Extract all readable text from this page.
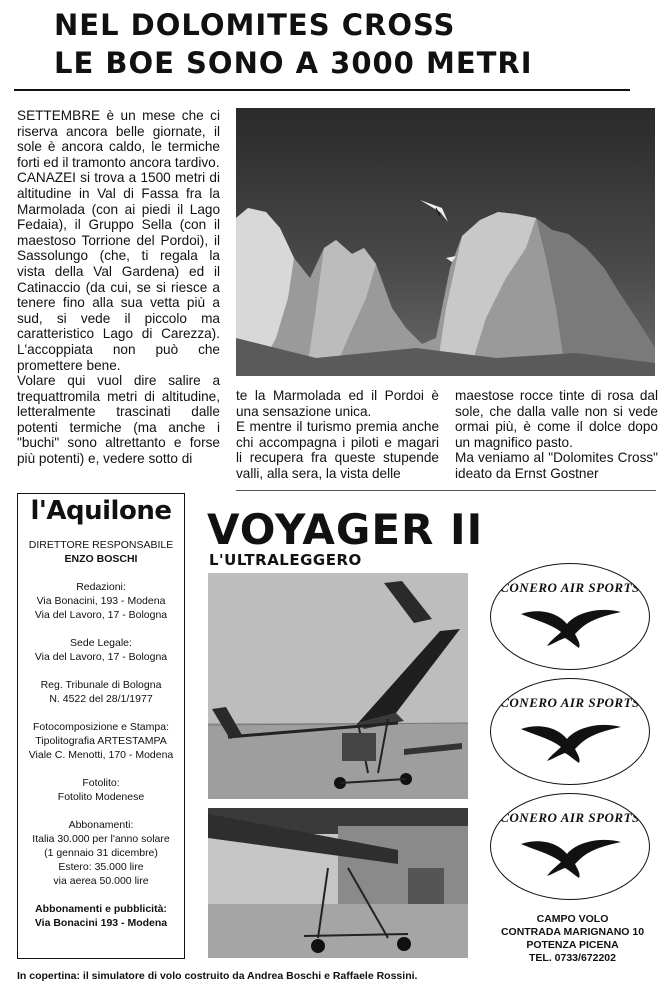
NEL DOLOMITES CROSS
LE BOE SONO A 3000 METRI

SETTEMBRE è un mese che ci riserva ancora belle giornate, il sole è ancora caldo, le termiche forti ed il tramonto ancora tardivo.

CANAZEI si trova a 1500 metri di altitudine in Val di Fassa fra la Marmolada (con ai piedi il Lago Fedaia), il Gruppo Sella (con il maestoso Torrione del Pordoi), il Sassolungo (che, ti regala la vista della Val Gardena) ed il Catinaccio (da cui, se si riesce a tenere fino alla sua vetta più a sud, si vede il piccolo ma caratteristico Lago di Carezza). L'accoppiata non può che promettere bene.

Volare qui vuol dire salire a trequattromila metri di altitudine, letteralmente trascinati dalle potenti termiche (ma anche i "buchi" sono altrettanto e forse più potenti) e, vedere sotto di

te la Marmolada ed il Pordoi è una sensazione unica.

E mentre il turismo premia anche chi accompagna i piloti e magari li recupera fra queste stupende valli, alla sera, la vista delle

maestose rocce tinte di rosa dal sole, che dalla valle non si vede ormai più, è come il dolce dopo un magnifico pasto.

Ma veniamo al "Dolomites Cross" ideato da Ernst Gostner

l'Aquilone
DIRETTORE RESPONSABILE
ENZO BOSCHI
Redazioni:
Via Bonacini, 193 - Modena
Via del Lavoro, 17 - Bologna
Sede Legale:
Via del Lavoro, 17 - Bologna
Reg. Tribunale di Bologna
N. 4522 del 28/1/1977
Fotocomposizione e Stampa:
Tipolitografia ARTESTAMPA
Viale C. Menotti, 170 - Modena
Fotolito:
Fotolito Modenese
Abbonamenti:
Italia 30.000 per l'anno solare
(1 gennaio 31 dicembre)
Estero: 35.000 lire
via aerea 50.000 lire
Abbonamenti e pubblicità:
Via Bonacini 193 - Modena
VOYAGER II
L'ULTRALEGGERO
CONERO AIR SPORTS
CONERO AIR SPORTS
CONERO AIR SPORTS
CAMPO VOLO
CONTRADA MARIGNANO 10
POTENZA PICENA
TEL. 0733/672202
In copertina: il simulatore di volo costruito da Andrea Boschi e Raffaele Rossini.
